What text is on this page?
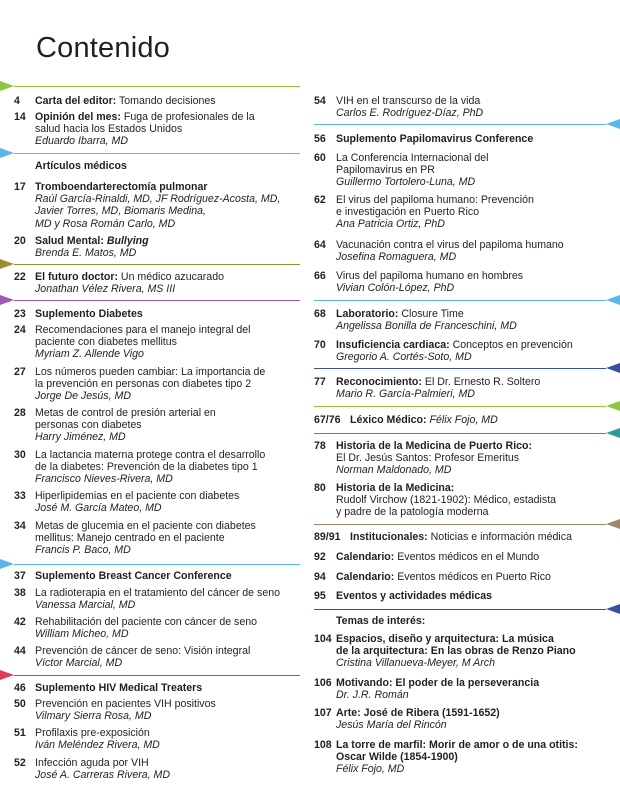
Contenido
4	Carta del editor: Tomando decisiones
14 Opinión del mes: Fuga de profesionales de la
salud hacia los Estados Unidos
Eduardo Ibarra, MD
Artículos médicos
17 Tromboendarterectomía pulmonar
Raúl García-Rinaldi, MD, JF Rodríguez-Acosta, MD,
Javier Torres, MD, Biomaris Medina,
MD y Rosa Román Carlo, MD
20 Salud Mental: Bullying
Brenda E. Matos, MD
22 El futuro doctor: Un médico azucarado
Jonathan Vélez Rivera, MS III
23 Suplemento Diabetes
24 Recomendaciones para el manejo integral del
paciente con diabetes mellitus
Myriam Z. Allende Vigo
27 Los números pueden cambiar: La importancia de
la prevención en personas con diabetes tipo 2
Jorge De Jesús, MD
28 Metas de control de presión arterial en
personas con diabetes
Harry Jiménez, MD
30 La lactancia materna protege contra el desarrollo
de la diabetes: Prevención de la diabetes tipo 1
Francisco Nieves-Rivera, MD
33 Hiperlipidemias en el paciente con diabetes
José M. García Mateo, MD
34 Metas de glucemia en el paciente con diabetes
mellitus: Manejo centrado en el paciente
Francis P. Baco, MD
37 Suplemento Breast Cancer Conference
38 La radioterapia en el tratamiento del cáncer de seno
Vanessa Marcial, MD
42 Rehabilitación del paciente con cáncer de seno
William Micheo, MD
44 Prevención de cáncer de seno: Visión integral
Víctor Marcial, MD
46 Suplemento HIV Medical Treaters
50 Prevención en pacientes VIH positivos
Vilmary Sierra Rosa, MD
51 Profilaxis pre-exposición
Iván Meléndez Rivera, MD
52 Infección aguda por VIH
José A. Carreras Rivera, MD
54 VIH en el transcurso de la vida
Carlos E. Rodríguez-Díaz, PhD
56 Suplemento Papilomavirus Conference
60 La Conferencia Internacional del
Papilomavirus en PR
Guillermo Tortolero-Luna, MD
62 El virus del papiloma humano: Prevención
e investigación en Puerto Rico
Ana Patricia Ortiz, PhD
64 Vacunación contra el virus del papiloma humano
Josefina Romaguera, MD
66 Virus del papiloma humano en hombres
Vivian Colón-López, PhD
68 Laboratorio: Closure Time
Angelissa Bonilla de Franceschini, MD
70 Insuficiencia cardiaca: Conceptos en prevención
Gregorio A. Cortés-Soto, MD
77 Reconocimiento: El Dr. Ernesto R. Soltero
Mario R. García-Palmieri, MD
67/76 Léxico Médico: Félix Fojo, MD
78 Historia de la Medicina de Puerto Rico:
El Dr. Jesús Santos: Profesor Emeritus
Norman Maldonado, MD
80 Historia de la Medicina:
Rudolf Virchow (1821-1902): Médico, estadista
y padre de la patología moderna
89/91 Institucionales: Noticias e información médica
92 Calendario: Eventos médicos en el Mundo
94 Calendario: Eventos médicos en Puerto Rico
95 Eventos y actividades médicas
Temas de interés:
104 Espacios, diseño y arquitectura: La música
de la arquitectura: En las obras de Renzo Piano
Cristina Villanueva-Meyer, M Arch
106 Motivando: El poder de la perseverancia
Dr. J.R. Román
107 Arte: José de Ribera (1591-1652)
Jesús María del Rincón
108 La torre de marfil: Morir de amor o de una otitis:
Oscar Wilde (1854-1900)
Félix Fojo, MD
